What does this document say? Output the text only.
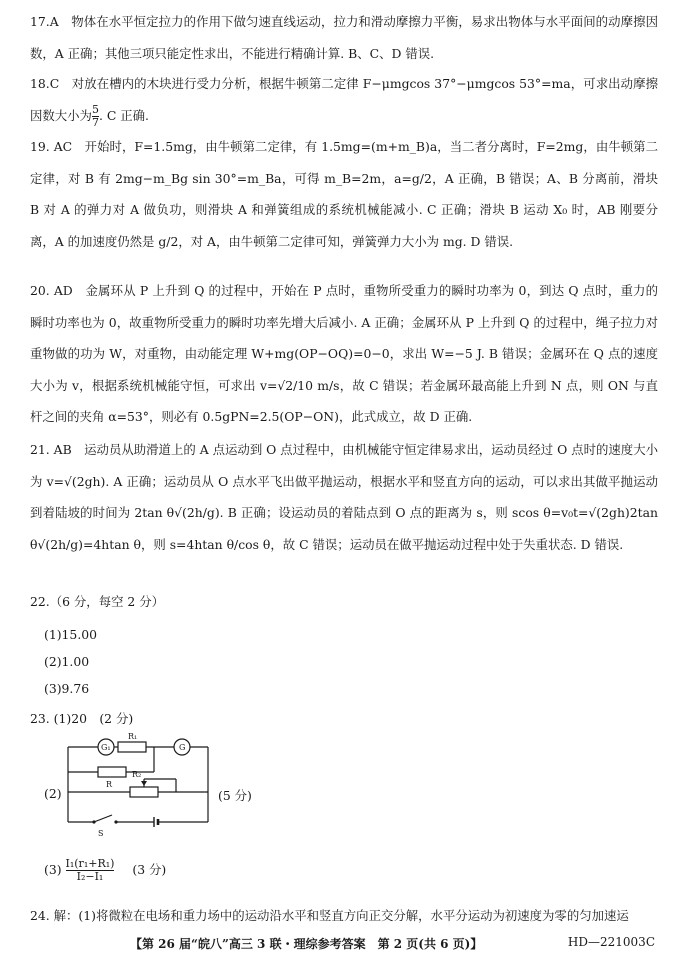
17.A　 物体在水平恒定拉力的作用下做匀速直线运动，拉力和滑动摩擦力平衡，易求出物体与水平面间的动摩擦因数，A 正确；其他三项只能定性求出，不能进行精确计算. B、C、D 错误.

18.C　 对放在槽内的木块进行受力分析，根据牛顿第二定律 F−μmgcos 37°−μmgcos 53°=ma，可求出动摩擦因数大小为 $\frac{5}{7}$ . C 正确.

19. AC　 开始时，F=1.5mg，由牛顿第二定律，有 1.5mg=(m+m_B)a，当二者分离时，F=2mg，由牛顿第二定律，对 B 有 2mg−m_Bg sin 30°=m_Ba，可得 m_B=2m，a=g/2，A 正确，B 错误；A、B 分离前，滑块 B 对 A 的弹力对 A 做负功，则滑块 A 和弹簧组成的系统机械能减小. C 正确；滑块 B 运动 X₀ 时，AB 刚要分离，A 的加速度仍然是 g/2，对 A，由牛顿第二定律可知，弹簧弹力大小为 mg. D 错误.

20. AD　 金属环从 P 上升到 Q 的过程中，开始在 P 点时，重物所受重力的瞬时功率为 0，到达 Q 点时，重力的瞬时功率也为 0，故重物所受重力的瞬时功率先增大后减小. A 正确；金属环从 P 上升到 Q 的过程中，绳子拉力对重物做的功为 W，对重物，由动能定理 W+mg(OP−OQ)=0−0，求出 W=−5 J. B 错误；金属环在 Q 点的速度大小为 v，根据系统机械能守恒，可求出 v=√2/10 m/s，故 C 错误；若金属环最高能上升到 N 点，则 ON 与直杆之间的夹角 α=53°，则必有 0.5gPN=2.5(OP−ON)，此式成立，故 D 正确.

21. AB　 运动员从助滑道上的 A 点运动到 O 点过程中，由机械能守恒定律易求出，运动员经过 O 点时的速度大小为 v=√(2gh). A 正确；运动员从 O 点水平飞出做平抛运动，根据水平和竖直方向的运动，可以求出其做平抛运动到着陆坡的时间为 2tan θ√(2h/g). B 正确；设运动员的着陆点到 O 点的距离为 s，则 scos θ=v₀t=√(2gh)2tan θ√(2h/g)=4htan θ，则 s=4htan θ/cos θ，故 C 错误；运动员在做平抛运动过程中处于失重状态. D 错误.

22.（6 分，每空 2 分）
(1)15.00
(2)1.00
(3)9.76
23. (1)20　(2 分)
(2)	(5 分)
G₁	G
R₁
R
R₂
S
$(3) \frac{\text{I₁(r₁+R₁)}}{\text{I₂−I₁}} (3$ 分)
24. 解：(1)将微粒在电场和重力场中的运动沿水平和竖直方向正交分解，水平分运动为初速度为零的匀加速运
【第 26 届“皖八”高三 3 联・理综参考答案　第 2 页(共 6 页)】	HD—221003C
